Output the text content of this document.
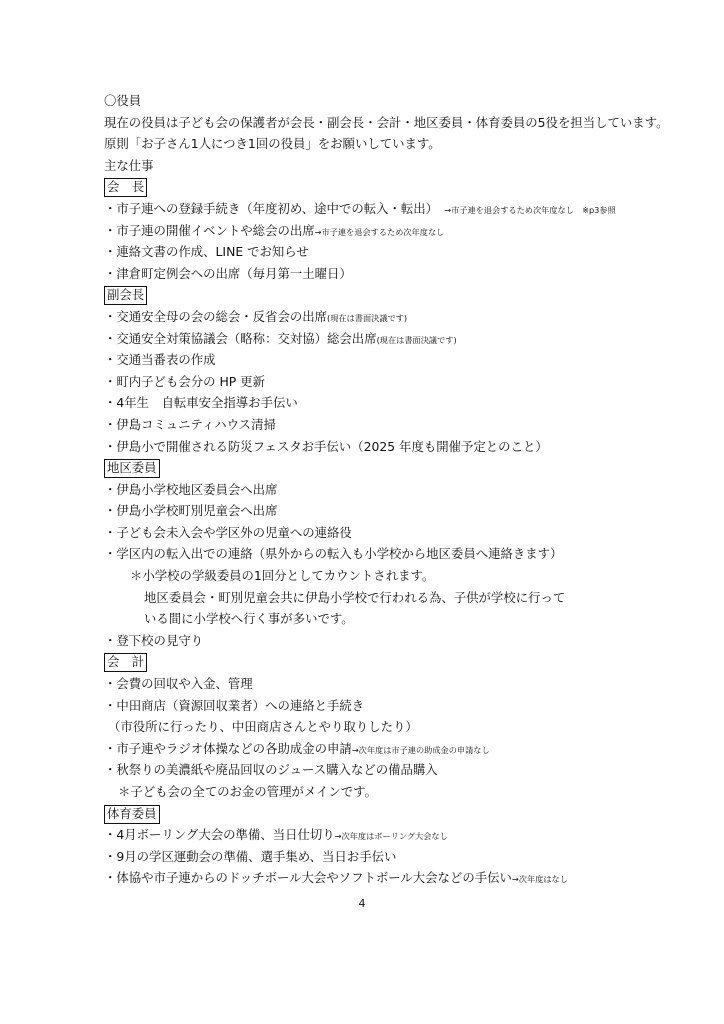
〇役員
現在の役員は子ども会の保護者が会長・副会長・会計・地区委員・体育委員の5役を担当しています。
原則「お子さん1人につき1回の役員」をお願いしています。
主な仕事
会　長
・市子連への登録手続き（年度初め、途中での転入・転出）　→市子連を退会するため次年度なし　※p3参照
・市子連の開催イベントや総会の出席→市子連を退会するため次年度なし
・連絡文書の作成、LINE でお知らせ
・津倉町定例会への出席（毎月第一土曜日）
副会長
・交通安全母の会の総会・反省会の出席(現在は書面決議です)
・交通安全対策協議会（略称：交対協）総会出席(現在は書面決議です)
・交通当番表の作成
・町内子ども会分の HP 更新
・4年生　自転車安全指導お手伝い
・伊島コミュニティハウス清掃
・伊島小で開催される防災フェスタお手伝い（2025 年度も開催予定とのこと）
地区委員
・伊島小学校地区委員会へ出席
・伊島小学校町別児童会へ出席
・子ども会未入会や学区外の児童への連絡役
・学区内の転入出での連絡（県外からの転入も小学校から地区委員へ連絡きます）
＊小学校の学級委員の1回分としてカウントされます。
地区委員会・町別児童会共に伊島小学校で行われる為、子供が学校に行って
いる間に小学校へ行く事が多いです。
・登下校の見守り
会　計
・会費の回収や入金、管理
・中田商店（資源回収業者）への連絡と手続き
（市役所に行ったり、中田商店さんとやり取りしたり）
・市子連やラジオ体操などの各助成金の申請→次年度は市子連の助成金の申請なし
・秋祭りの美濃紙や廃品回収のジュース購入などの備品購入
＊子ども会の全てのお金の管理がメインです。
体育委員
・4月ボーリング大会の準備、当日仕切り→次年度はボーリング大会なし
・9月の学区運動会の準備、選手集め、当日お手伝い
・体協や市子連からのドッチボール大会やソフトボール大会などの手伝い→次年度はなし
4
